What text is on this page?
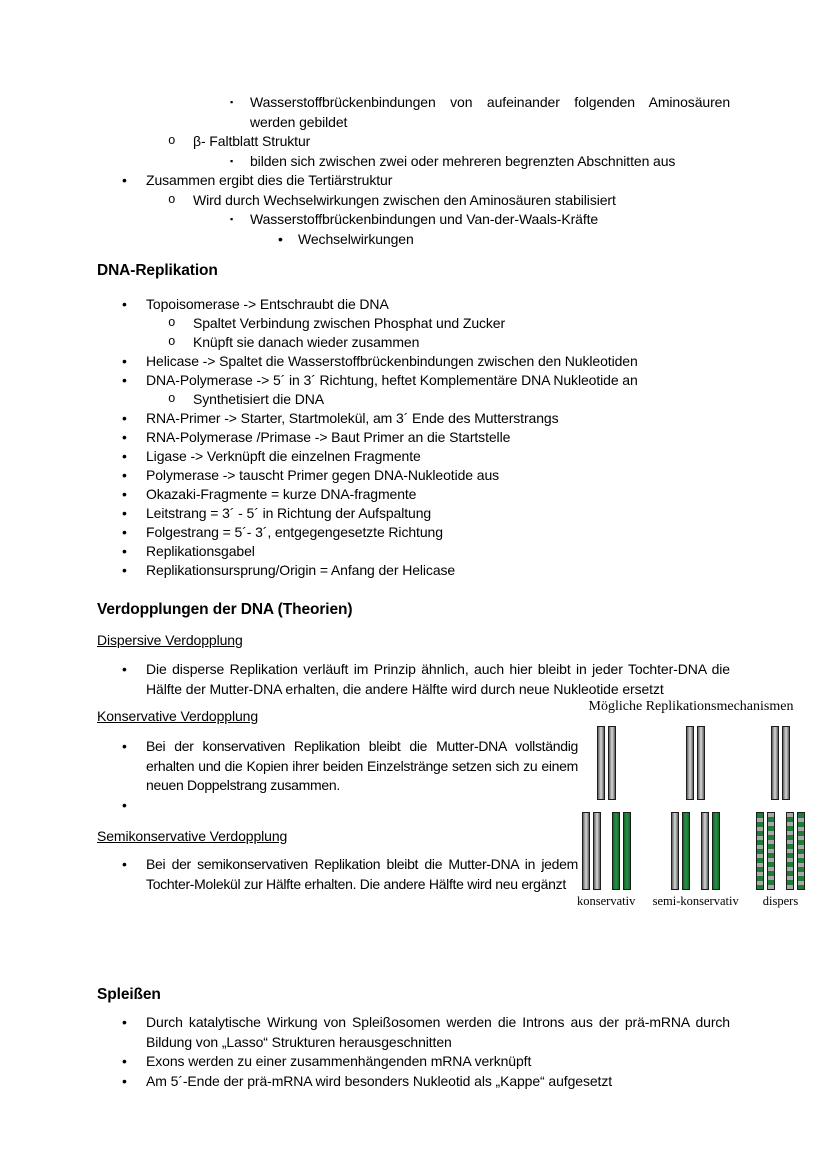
▪	Wasserstoffbrückenbindungen von aufeinander folgenden Aminosäuren werden gebildet
o	β- Faltblatt Struktur
▪	bilden sich zwischen zwei oder mehreren begrenzten Abschnitten aus
•	Zusammen ergibt dies die Tertiärstruktur
o	Wird durch Wechselwirkungen zwischen den Aminosäuren stabilisiert
▪	Wasserstoffbrückenbindungen und Van-der-Waals-Kräfte
•	Wechselwirkungen
DNA-Replikation
•	Topoisomerase -> Entschraubt die DNA
o	Spaltet Verbindung zwischen Phosphat und Zucker
o	Knüpft sie danach wieder zusammen
•	Helicase -> Spaltet die Wasserstoffbrückenbindungen zwischen den Nukleotiden
•	DNA-Polymerase -> 5´ in 3´ Richtung, heftet Komplementäre DNA Nukleotide an
o	Synthetisiert die DNA
•	RNA-Primer -> Starter, Startmolekül, am 3´ Ende des Mutterstrangs
•	RNA-Polymerase /Primase -> Baut Primer an die Startstelle
•	Ligase -> Verknüpft die einzelnen Fragmente
•	Polymerase -> tauscht Primer gegen DNA-Nukleotide aus
•	Okazaki-Fragmente = kurze DNA-fragmente
•	Leitstrang = 3´ - 5´ in Richtung der Aufspaltung
•	Folgestrang = 5´- 3´, entgegengesetzte Richtung
•	Replikationsgabel
•	Replikationsursprung/Origin = Anfang der Helicase
Verdopplungen der DNA (Theorien)
Dispersive Verdopplung
•	Die disperse Replikation verläuft im Prinzip ähnlich, auch hier bleibt in jeder Tochter-DNA die Hälfte der Mutter-DNA erhalten, die andere Hälfte wird durch neue Nukleotide ersetzt
Konservative Verdopplung
•	Bei der konservativen Replikation bleibt die Mutter-DNA vollständig erhalten und die Kopien ihrer beiden Einzelstränge setzen sich zu einem neuen Doppelstrang zusammen.
•
Semikonservative Verdopplung
•	Bei der semikonservativen Replikation bleibt die Mutter-DNA in jedem Tochter-Molekül zur Hälfte erhalten. Die andere Hälfte wird neu ergänzt
Spleißen
•	Durch katalytische Wirkung von Spleißosomen werden die Introns aus der prä-mRNA durch Bildung von „Lasso“ Strukturen herausgeschnitten
•	Exons werden zu einer zusammenhängenden mRNA verknüpft
•	Am 5´-Ende der prä-mRNA wird besonders Nukleotid als „Kappe“ aufgesetzt
Mögliche Replikationsmechanismen
konservativ semi-konservativ dispers
